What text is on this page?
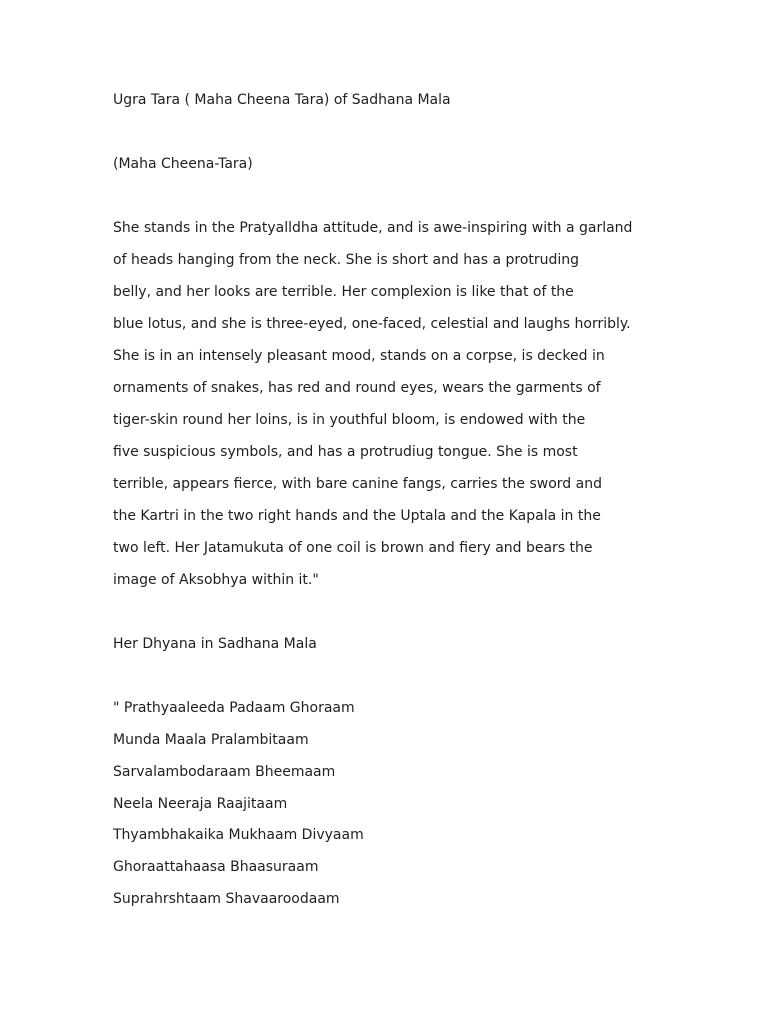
Ugra Tara ( Maha Cheena Tara) of Sadhana Mala
(Maha Cheena-Tara)
She stands in the Pratyalldha attitude, and is awe-inspiring with a garland
of heads hanging from the neck. She is short and has a protruding
belly, and her looks are terrible. Her complexion is like that of the
blue lotus, and she is three-eyed, one-faced, celestial and laughs horribly.
She is in an intensely pleasant mood, stands on a corpse, is decked in
ornaments of snakes, has red and round eyes, wears the garments of
tiger-skin round her loins, is in youthful bloom, is endowed with the
five suspicious symbols, and has a protrudiug tongue. She is most
terrible, appears fierce, with bare canine fangs, carries the sword and
the Kartri in the two right hands and the Uptala and the Kapala in the
two left. Her Jatamukuta of one coil is brown and fiery and bears the
image of Aksobhya within it."
Her Dhyana in Sadhana Mala
" Prathyaaleeda Padaam Ghoraam
Munda Maala Pralambitaam
Sarvalambodaraam Bheemaam
Neela Neeraja Raajitaam
Thyambhakaika Mukhaam Divyaam
Ghoraattahaasa Bhaasuraam
Suprahrshtaam Shavaaroodaam
